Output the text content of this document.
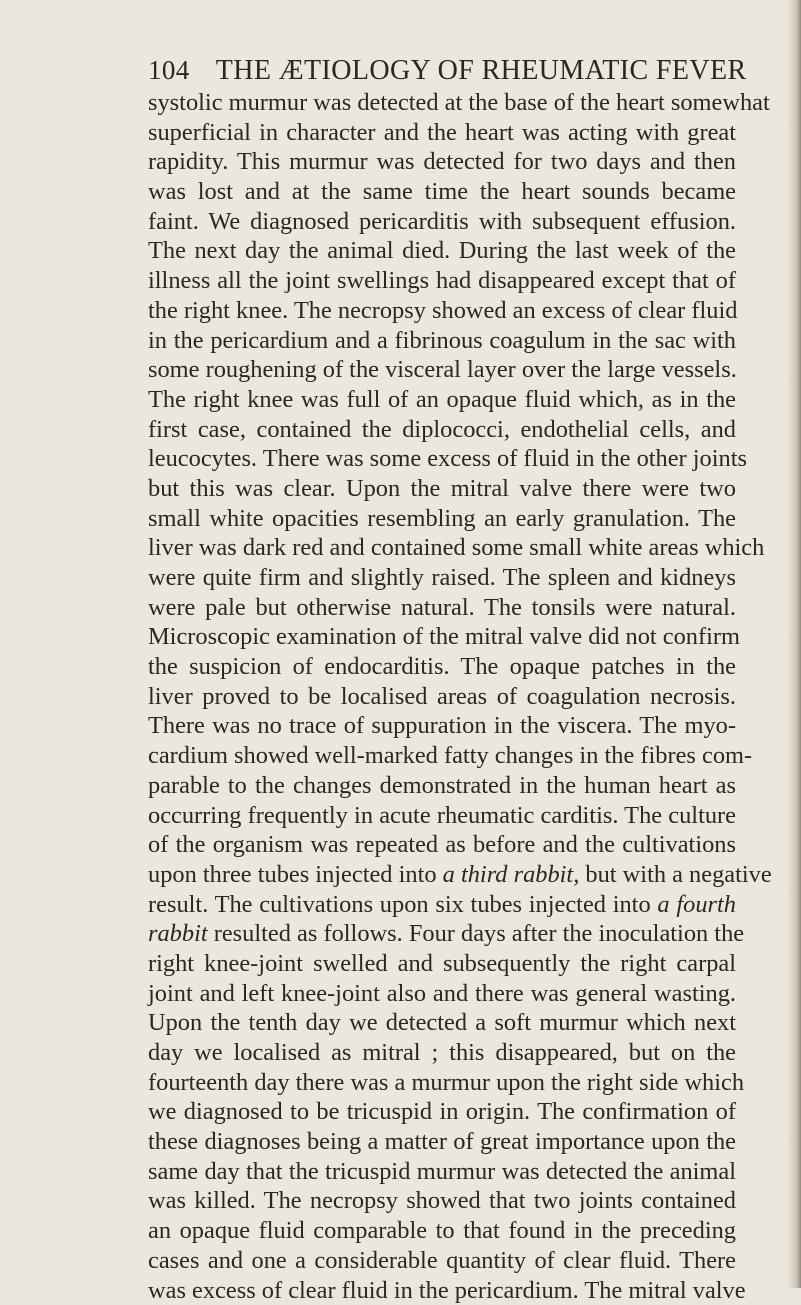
104 THE ÆTIOLOGY OF RHEUMATIC FEVER
systolic murmur was detected at the base of the heart somewhat
superficial in character and the heart was acting with great
rapidity. This murmur was detected for two days and then
was lost and at the same time the heart sounds became
faint. We diagnosed pericarditis with subsequent effusion.
The next day the animal died. During the last week of the
illness all the joint swellings had disappeared except that of
the right knee. The necropsy showed an excess of clear fluid
in the pericardium and a fibrinous coagulum in the sac with
some roughening of the visceral layer over the large vessels.
The right knee was full of an opaque fluid which, as in the
first case, contained the diplococci, endothelial cells, and
leucocytes. There was some excess of fluid in the other joints
but this was clear. Upon the mitral valve there were two
small white opacities resembling an early granulation. The
liver was dark red and contained some small white areas which
were quite firm and slightly raised. The spleen and kidneys
were pale but otherwise natural. The tonsils were natural.
Microscopic examination of the mitral valve did not confirm
the suspicion of endocarditis. The opaque patches in the
liver proved to be localised areas of coagulation necrosis.
There was no trace of suppuration in the viscera. The myo-
cardium showed well-marked fatty changes in the fibres com-
parable to the changes demonstrated in the human heart as
occurring frequently in acute rheumatic carditis. The culture
of the organism was repeated as before and the cultivations
upon three tubes injected into a third rabbit, but with a negative
result. The cultivations upon six tubes injected into a fourth
rabbit resulted as follows. Four days after the inoculation the
right knee-joint swelled and subsequently the right carpal
joint and left knee-joint also and there was general wasting.
Upon the tenth day we detected a soft murmur which next
day we localised as mitral ; this disappeared, but on the
fourteenth day there was a murmur upon the right side which
we diagnosed to be tricuspid in origin. The confirmation of
these diagnoses being a matter of great importance upon the
same day that the tricuspid murmur was detected the animal
was killed. The necropsy showed that two joints contained
an opaque fluid comparable to that found in the preceding
cases and one a considerable quantity of clear fluid. There
was excess of clear fluid in the pericardium. The mitral valve
